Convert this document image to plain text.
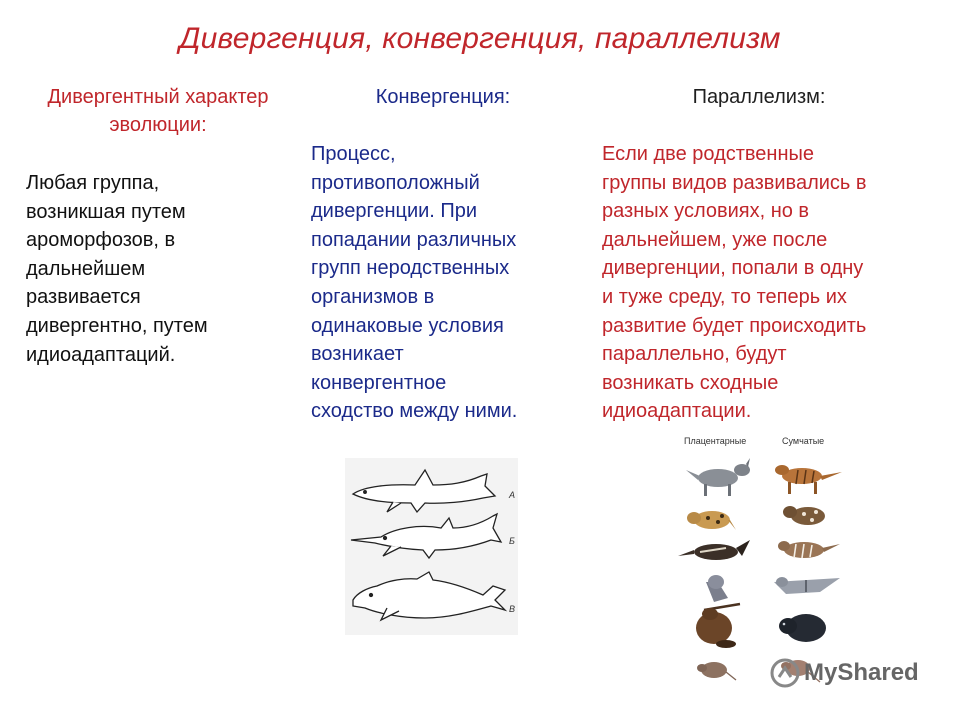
Дивергенция, конвергенция, параллелизм
Дивергентный характер эволюции:
Конвергенция:	Параллелизм:
Любая группа,
возникшая путем
ароморфозов, в
дальнейшем
развивается
дивергентно, путем
идиоадаптаций.
Процесс,
противоположный
дивергенции. При
попадании различных
групп неродственных
организмов в
одинаковые условия
возникает
конвергентное
сходство между ними.
Если две родственные
группы видов развивались в
разных условиях, но в
дальнейшем, уже после
дивергенции, попали в одну
и туже среду, то теперь их
развитие будет происходить
параллельно, будут
возникать сходные
идиоадаптации.
А
Б
В
Плацентарные	Сумчатые
MyShared
